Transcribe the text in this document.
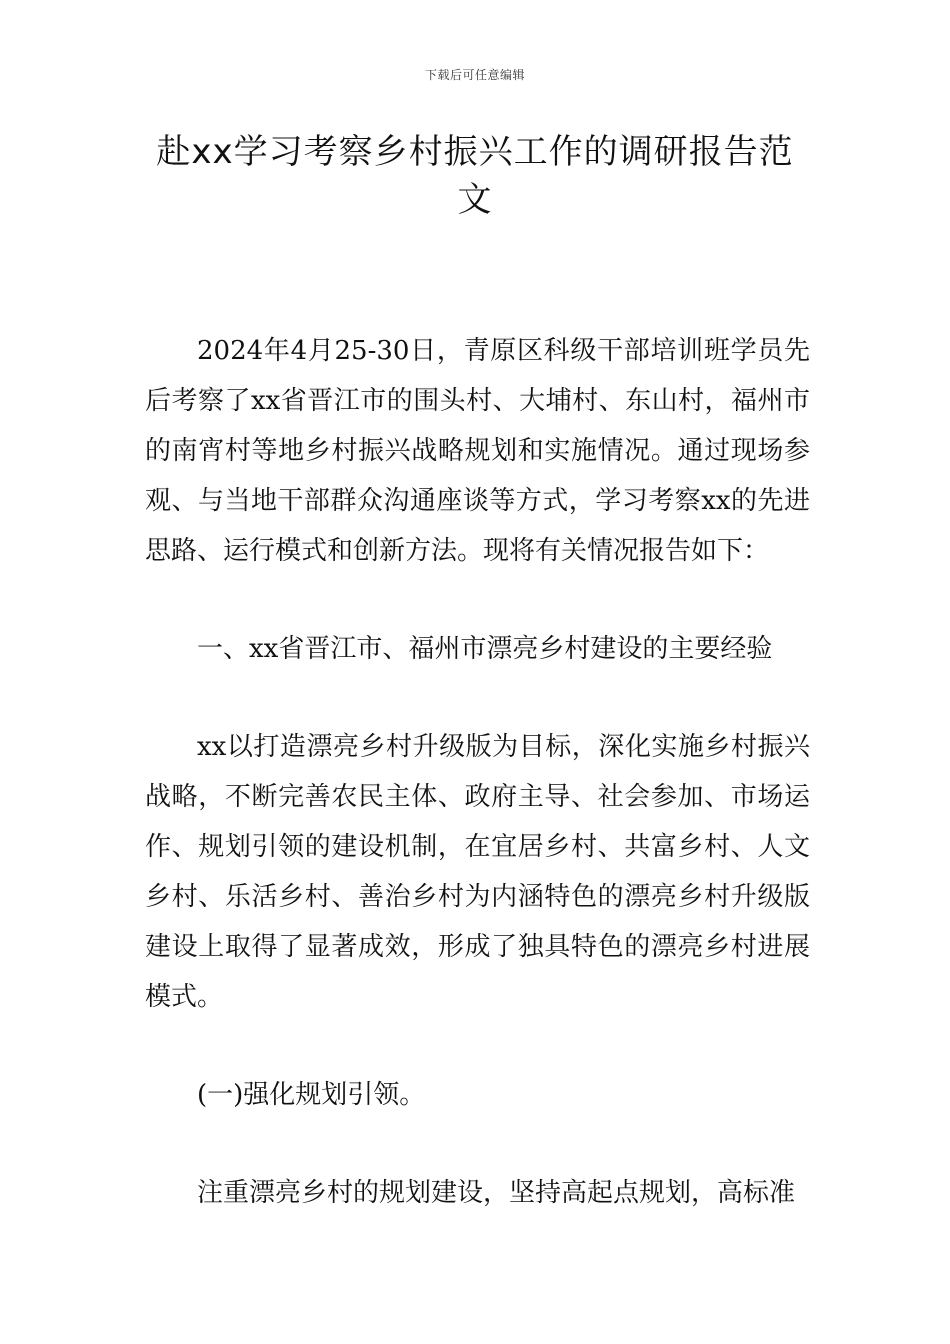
下载后可任意编辑
赴xx学习考察乡村振兴工作的调研报告范文

2024年4月25-30日，青原区科级干部培训班学员先后考察了xx省晋江市的围头村、大埔村、东山村，福州市的南宵村等地乡村振兴战略规划和实施情况。通过现场参观、与当地干部群众沟通座谈等方式，学习考察xx的先进思路、运行模式和创新方法。现将有关情况报告如下：

一、xx省晋江市、福州市漂亮乡村建设的主要经验

xx以打造漂亮乡村升级版为目标，深化实施乡村振兴战略，不断完善农民主体、政府主导、社会参加、市场运作、规划引领的建设机制，在宜居乡村、共富乡村、人文乡村、乐活乡村、善治乡村为内涵特色的漂亮乡村升级版建设上取得了显著成效，形成了独具特色的漂亮乡村进展模式。

(一)强化规划引领。

注重漂亮乡村的规划建设，坚持高起点规划，高标准
